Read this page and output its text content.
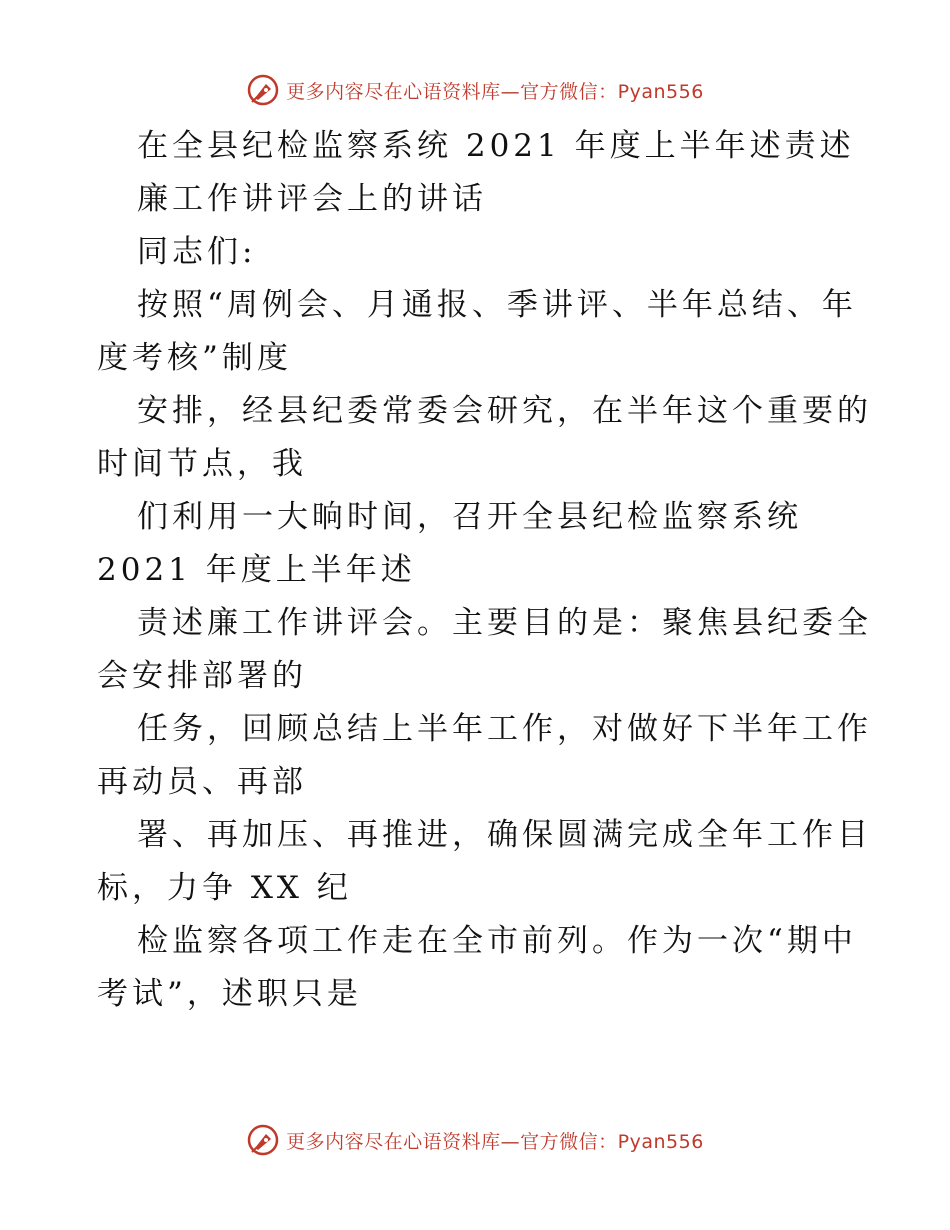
更多内容尽在心语资料库—官方微信：Pyan556
在全县纪检监察系统 2021 年度上半年述责述
廉工作讲评会上的讲话
同志们:
按照“周例会、月通报、季讲评、半年总结、年
度考核”制度
安排，经县纪委常委会研究，在半年这个重要的
时间节点，我
们利用一大晌时间，召开全县纪检监察系统
2021 年度上半年述
责述廉工作讲评会。主要目的是：聚焦县纪委全
会安排部署的
任务，回顾总结上半年工作，对做好下半年工作
再动员、再部
署、再加压、再推进，确保圆满完成全年工作目
标，力争 XX 纪
检监察各项工作走在全市前列。作为一次“期中
考试”，述职只是
更多内容尽在心语资料库—官方微信：Pyan556
